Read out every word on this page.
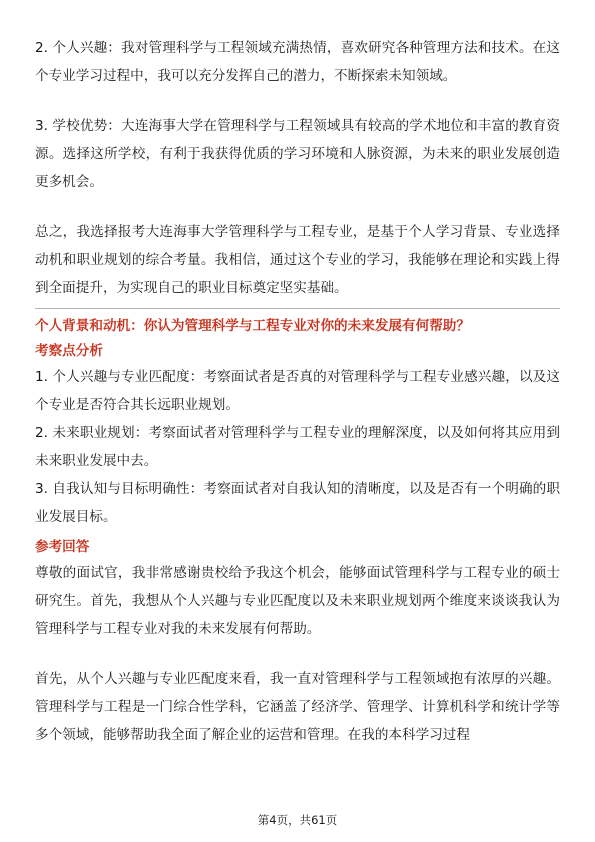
2. 个人兴趣：我对管理科学与工程领域充满热情，喜欢研究各种管理方法和技术。在这个专业学习过程中，我可以充分发挥自己的潜力，不断探索未知领域。

3. 学校优势：大连海事大学在管理科学与工程领域具有较高的学术地位和丰富的教育资源。选择这所学校，有利于我获得优质的学习环境和人脉资源，为未来的职业发展创造更多机会。

总之，我选择报考大连海事大学管理科学与工程专业，是基于个人学习背景、专业选择动机和职业规划的综合考量。我相信，通过这个专业的学习，我能够在理论和实践上得到全面提升，为实现自己的职业目标奠定坚实基础。

个人背景和动机：你认为管理科学与工程专业对你的未来发展有何帮助？

考察点分析

1. 个人兴趣与专业匹配度：考察面试者是否真的对管理科学与工程专业感兴趣，以及这个专业是否符合其长远职业规划。

2. 未来职业规划：考察面试者对管理科学与工程专业的理解深度，以及如何将其应用到未来职业发展中去。

3. 自我认知与目标明确性：考察面试者对自我认知的清晰度，以及是否有一个明确的职业发展目标。

参考回答

尊敬的面试官，我非常感谢贵校给予我这个机会，能够面试管理科学与工程专业的硕士研究生。首先，我想从个人兴趣与专业匹配度以及未来职业规划两个维度来谈谈我认为管理科学与工程专业对我的未来发展有何帮助。

首先，从个人兴趣与专业匹配度来看，我一直对管理科学与工程领域抱有浓厚的兴趣。管理科学与工程是一门综合性学科，它涵盖了经济学、管理学、计算机科学和统计学等多个领域，能够帮助我全面了解企业的运营和管理。在我的本科学习过程

第4页，共61页
